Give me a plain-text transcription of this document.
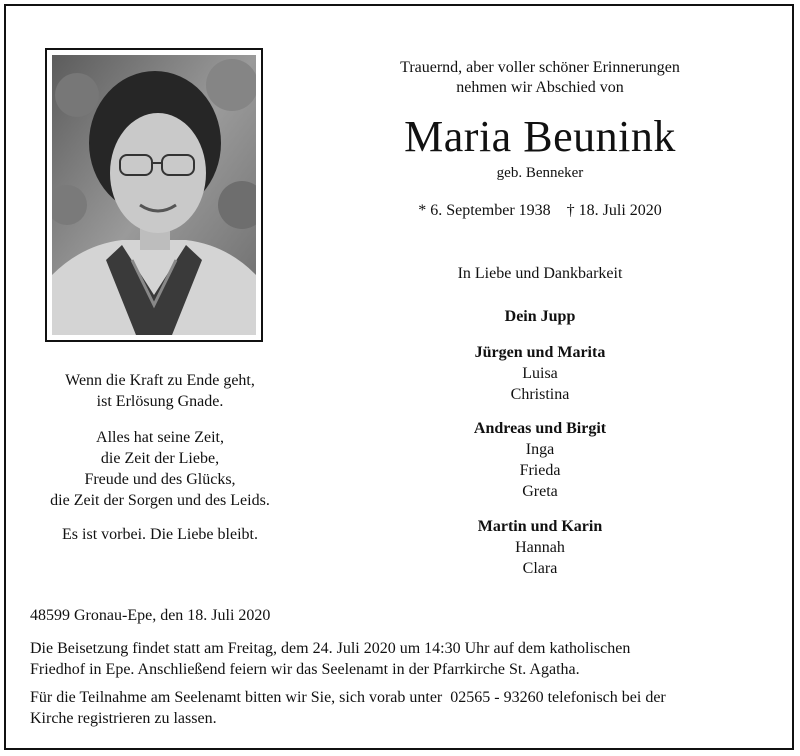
Trauernd, aber voller schöner Erinnerungen
nehmen wir Abschied von
Maria Beunink
geb. Benneker
* 6. September 1938 † 18. Juli 2020
In Liebe und Dankbarkeit
Dein Jupp
Jürgen und Marita
Luisa
Christina
Andreas und Birgit
Inga
Frieda
Greta
Martin und Karin
Hannah
Clara
Wenn die Kraft zu Ende geht,
ist Erlösung Gnade.
Alles hat seine Zeit,
die Zeit der Liebe,
Freude und des Glücks,
die Zeit der Sorgen und des Leids.
Es ist vorbei. Die Liebe bleibt.
48599 Gronau-Epe, den 18. Juli 2020
Die Beisetzung findet statt am Freitag, dem 24. Juli 2020 um 14:30 Uhr auf dem katholischen
Friedhof in Epe. Anschließend feiern wir das Seelenamt in der Pfarrkirche St. Agatha.
Für die Teilnahme am Seelenamt bitten wir Sie, sich vorab unter  02565 - 93260 telefonisch bei der
Kirche registrieren zu lassen.
